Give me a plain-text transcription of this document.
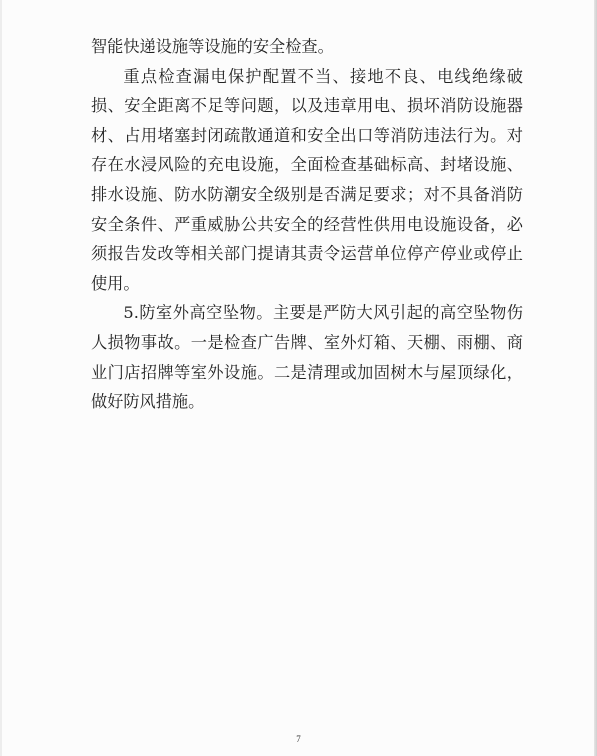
智能快递设施等设施的安全检查。

重点检查漏电保护配置不当、接地不良、电线绝缘破损、安全距离不足等问题，以及违章用电、损坏消防设施器材、占用堵塞封闭疏散通道和安全出口等消防违法行为。对存在水浸风险的充电设施，全面检查基础标高、封堵设施、排水设施、防水防潮安全级别是否满足要求；对不具备消防安全条件、严重威胁公共安全的经营性供用电设施设备，必须报告发改等相关部门提请其责令运营单位停产停业或停止使用。

5.防室外高空坠物。主要是严防大风引起的高空坠物伤人损物事故。一是检查广告牌、室外灯箱、天棚、雨棚、商业门店招牌等室外设施。二是清理或加固树木与屋顶绿化，做好防风措施。

7
